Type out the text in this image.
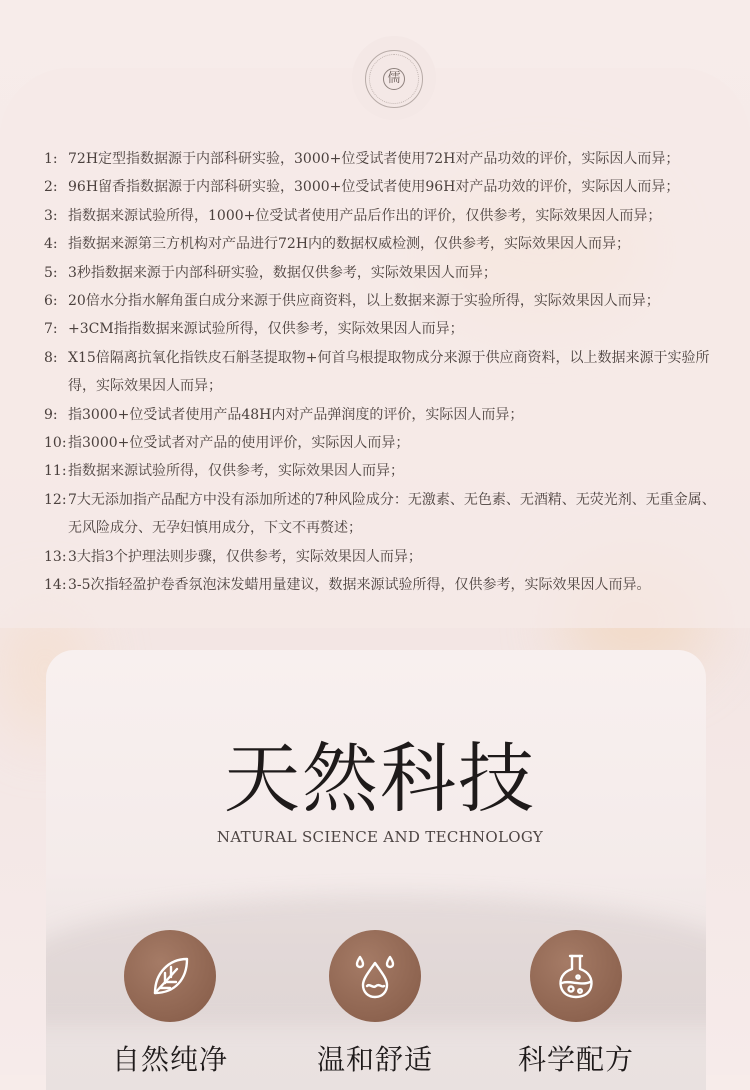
儒
1: 72H定型指数据源于内部科研实验，3000+位受试者使用72H对产品功效的评价，实际因人而异；
2: 96H留香指数据源于内部科研实验，3000+位受试者使用96H对产品功效的评价，实际因人而异；
3: 指数据来源试验所得，1000+位受试者使用产品后作出的评价，仅供参考，实际效果因人而异；
4: 指数据来源第三方机构对产品进行72H内的数据权威检测，仅供参考，实际效果因人而异；
5: 3秒指数据来源于内部科研实验，数据仅供参考，实际效果因人而异；
6: 20倍水分指水解角蛋白成分来源于供应商资料，以上数据来源于实验所得，实际效果因人而异；
7: +3CM指指数据来源试验所得，仅供参考，实际效果因人而异；
8: X15倍隔离抗氧化指铁皮石斛茎提取物+何首乌根提取物成分来源于供应商资料，以上数据来源于实验所得，实际效果因人而异；
9: 指3000+位受试者使用产品48H内对产品弹润度的评价，实际因人而异；
10: 指3000+位受试者对产品的使用评价，实际因人而异；
11: 指数据来源试验所得，仅供参考，实际效果因人而异；
12: 7大无添加指产品配方中没有添加所述的7种风险成分：无激素、无色素、无酒精、无荧光剂、无重金属、无风险成分、无孕妇慎用成分，下文不再赘述；
13: 3大指3个护理法则步骤，仅供参考，实际效果因人而异；
14: 3-5次指轻盈护卷香氛泡沫发蜡用量建议，数据来源试验所得，仅供参考，实际效果因人而异。
天然科技
NATURAL SCIENCE AND TECHNOLOGY
自然纯净	温和舒适	科学配方
